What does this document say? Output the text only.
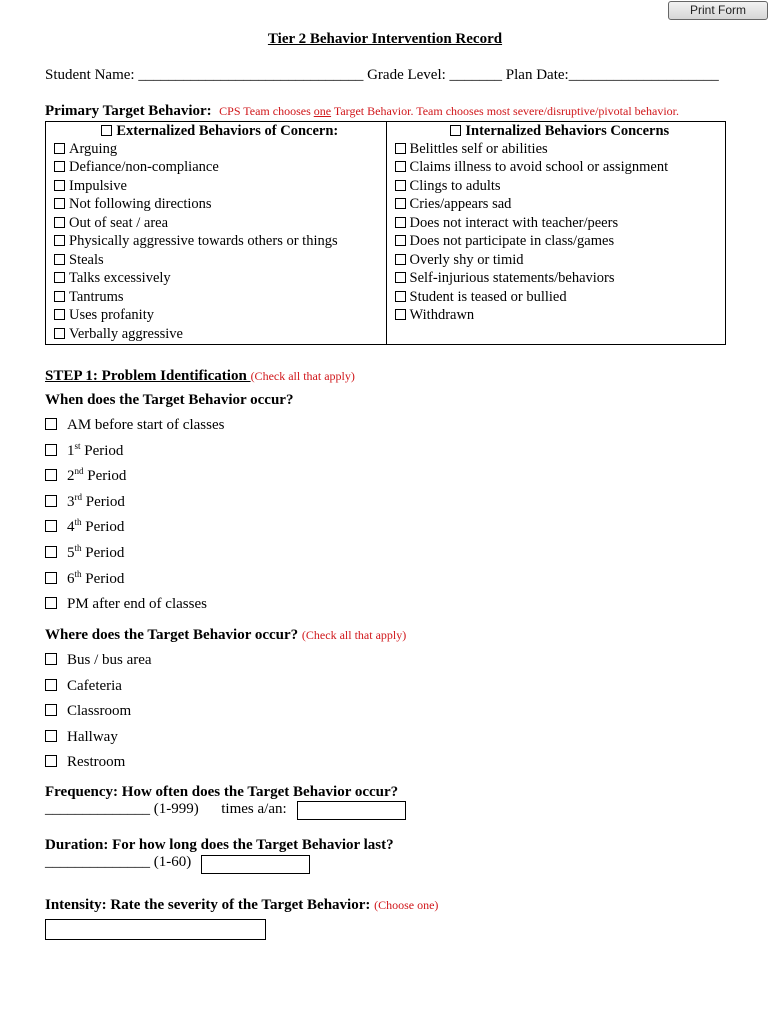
Print Form
Tier 2 Behavior Intervention Record
Student Name: ______________________________ Grade Level: _______ Plan Date:____________________
Primary Target Behavior: CPS Team chooses one Target Behavior. Team chooses most severe/disruptive/pivotal behavior.
Externalized Behaviors of Concern:	Internalized Behaviors Concerns
Arguing	Belittles self or abilities
Defiance/non-compliance	Claims illness to avoid school or assignment
Impulsive	Clings to adults
Not following directions	Cries/appears sad
Out of seat / area	Does not interact with teacher/peers
Physically aggressive towards others or things	Does not participate in class/games
Steals	Overly shy or timid
Talks excessively	Self-injurious statements/behaviors
Tantrums	Student is teased or bullied
Uses profanity	Withdrawn
Verbally aggressive	
STEP 1: Problem Identification (Check all that apply)
When does the Target Behavior occur?
AM before start of classes
1st Period
2nd Period
3rd Period
4th Period
5th Period
6th Period
PM after end of classes
Where does the Target Behavior occur? (Check all that apply)
Bus / bus area
Cafeteria
Classroom
Hallway
Restroom
Frequency: How often does the Target Behavior occur?
______________ (1-999) times a/an:
Duration: For how long does the Target Behavior last?
______________ (1-60)
Intensity: Rate the severity of the Target Behavior: (Choose one)
